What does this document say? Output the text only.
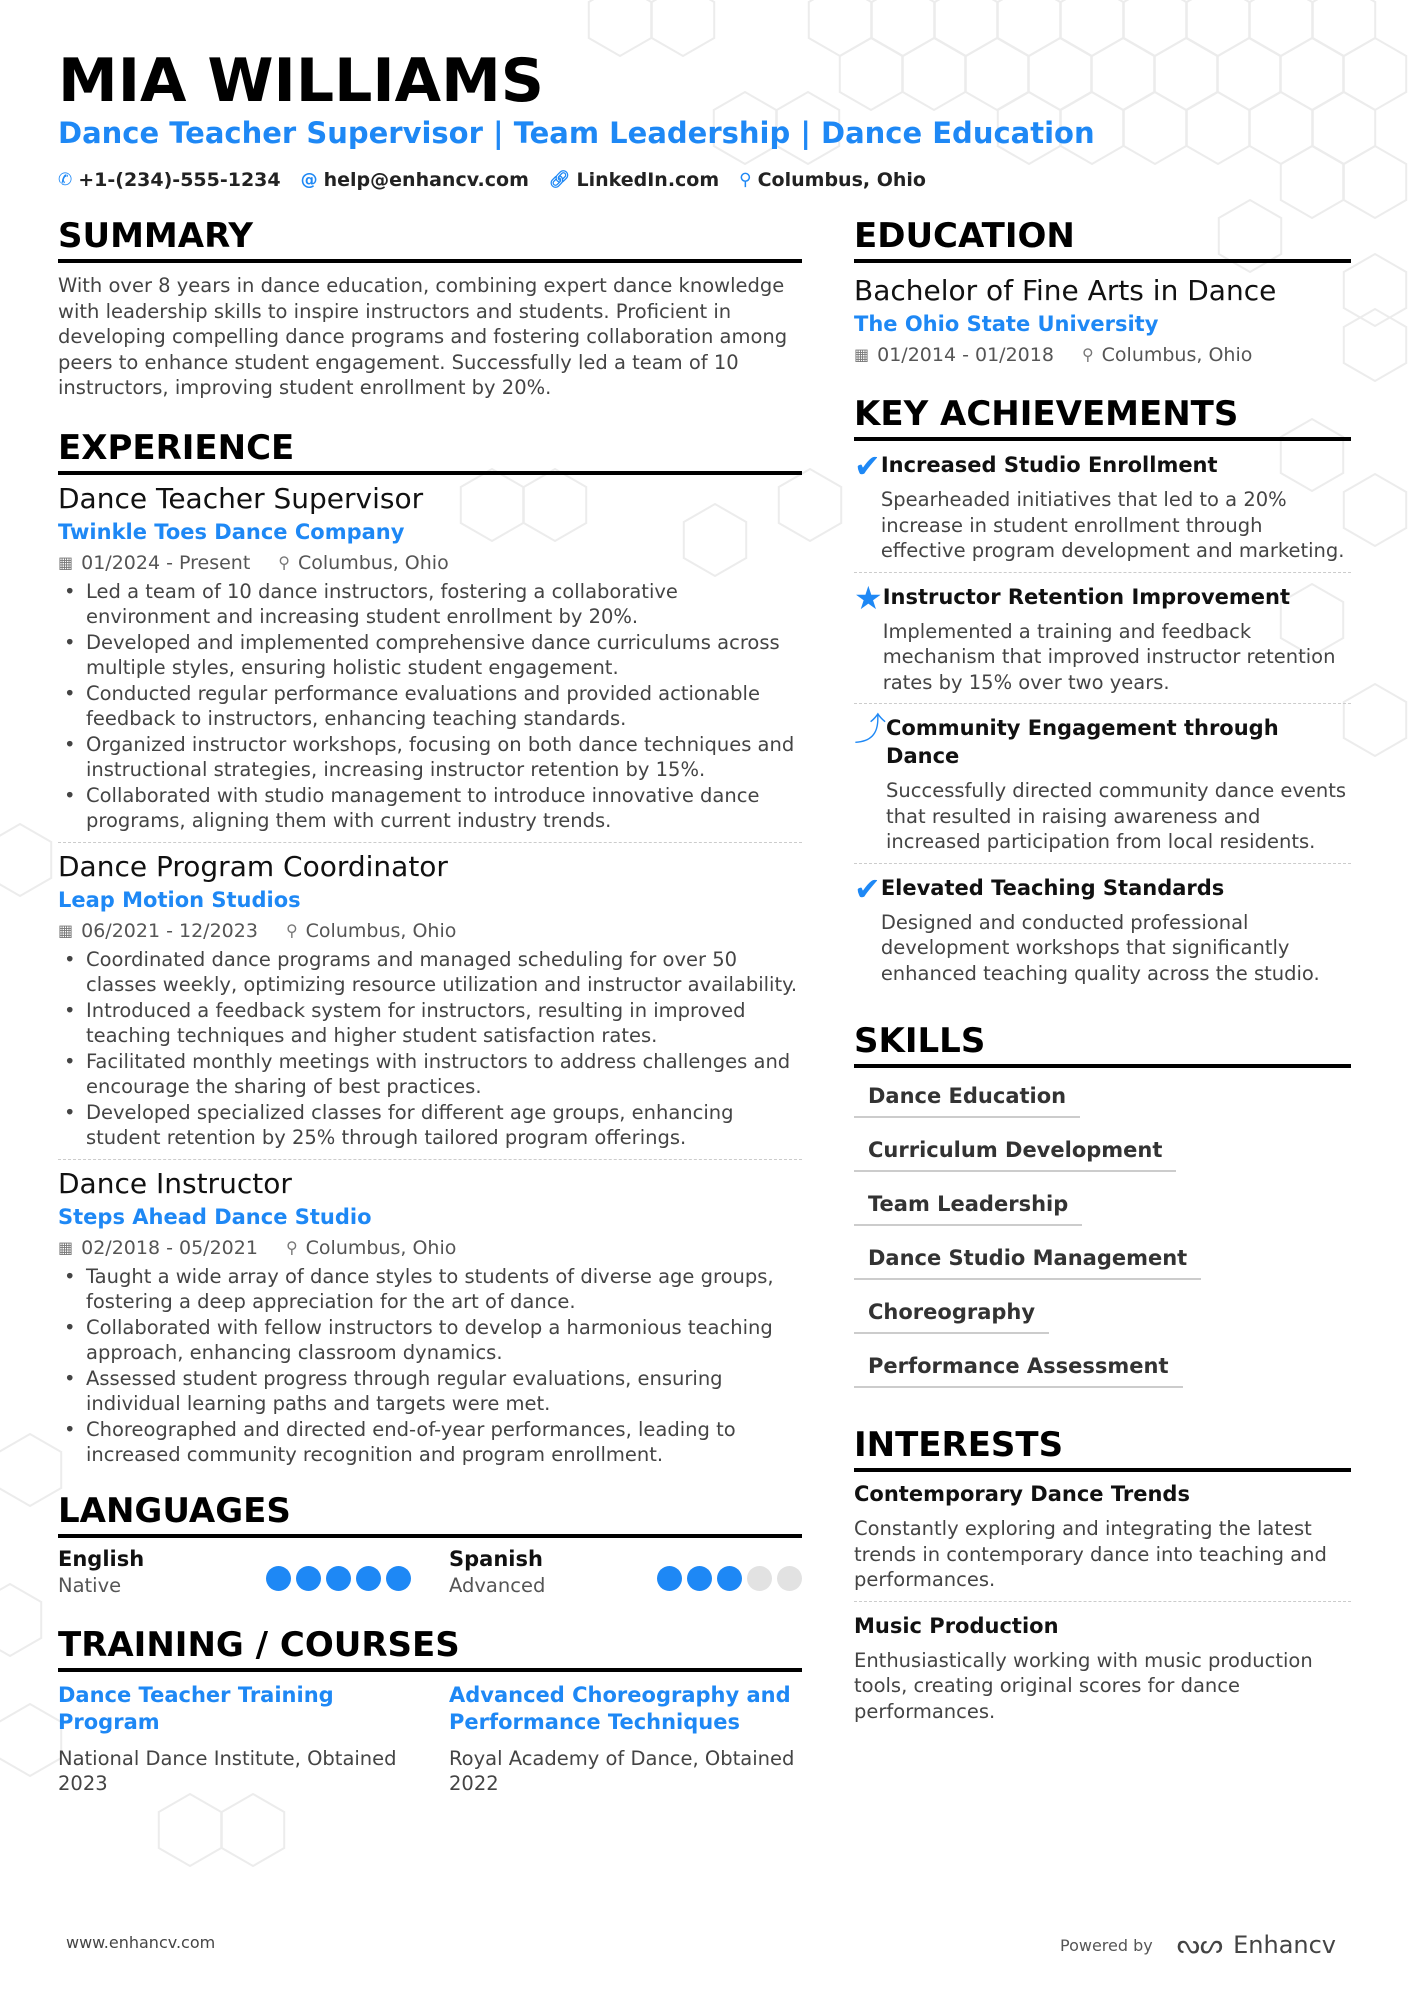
MIA WILLIAMS
Dance Teacher Supervisor | Team Leadership | Dance Education
✆ +1-(234)-555-1234 @ help@enhancv.com 🔗︎ LinkedIn.com ⚲ Columbus, Ohio
SUMMARY
With over 8 years in dance education, combining expert dance knowledge with leadership skills to inspire instructors and students. Proficient in developing compelling dance programs and fostering collaboration among peers to enhance student engagement. Successfully led a team of 10 instructors, improving student enrollment by 20%.
EXPERIENCE
Dance Teacher Supervisor
Twinkle Toes Dance Company
▦ 01/2024 - Present ⚲ Columbus, Ohio
• Led a team of 10 dance instructors, fostering a collaborative environment and increasing student enrollment by 20%.
• Developed and implemented comprehensive dance curriculums across multiple styles, ensuring holistic student engagement.
• Conducted regular performance evaluations and provided actionable feedback to instructors, enhancing teaching standards.
• Organized instructor workshops, focusing on both dance techniques and instructional strategies, increasing instructor retention by 15%.
• Collaborated with studio management to introduce innovative dance programs, aligning them with current industry trends.
Dance Program Coordinator
Leap Motion Studios
▦ 06/2021 - 12/2023 ⚲ Columbus, Ohio
• Coordinated dance programs and managed scheduling for over 50 classes weekly, optimizing resource utilization and instructor availability.
• Introduced a feedback system for instructors, resulting in improved teaching techniques and higher student satisfaction rates.
• Facilitated monthly meetings with instructors to address challenges and encourage the sharing of best practices.
• Developed specialized classes for different age groups, enhancing student retention by 25% through tailored program offerings.
Dance Instructor
Steps Ahead Dance Studio
▦ 02/2018 - 05/2021 ⚲ Columbus, Ohio
• Taught a wide array of dance styles to students of diverse age groups, fostering a deep appreciation for the art of dance.
• Collaborated with fellow instructors to develop a harmonious teaching approach, enhancing classroom dynamics.
• Assessed student progress through regular evaluations, ensuring individual learning paths and targets were met.
• Choreographed and directed end-of-year performances, leading to increased community recognition and program enrollment.
LANGUAGES
English
Native
Spanish
Advanced
TRAINING / COURSES
Dance Teacher Training Program
National Dance Institute, Obtained 2023
Advanced Choreography and Performance Techniques
Royal Academy of Dance, Obtained 2022
EDUCATION
Bachelor of Fine Arts in Dance
The Ohio State University
▦ 01/2014 - 01/2018 ⚲ Columbus, Ohio
KEY ACHIEVEMENTS
✔ Increased Studio Enrollment
Spearheaded initiatives that led to a 20% increase in student enrollment through effective program development and marketing.
★ Instructor Retention Improvement
Implemented a training and feedback mechanism that improved instructor retention rates by 15% over two years.
⤴ Community Engagement through Dance
Successfully directed community dance events that resulted in raising awareness and increased participation from local residents.
✔ Elevated Teaching Standards
Designed and conducted professional development workshops that significantly enhanced teaching quality across the studio.
SKILLS
Dance Education
Curriculum Development
Team Leadership
Dance Studio Management
Choreography
Performance Assessment
INTERESTS
Contemporary Dance Trends
Constantly exploring and integrating the latest trends in contemporary dance into teaching and performances.
Music Production
Enthusiastically working with music production tools, creating original scores for dance performances.
www.enhancv.com	Powered by ᔓᔕ Enhancv
